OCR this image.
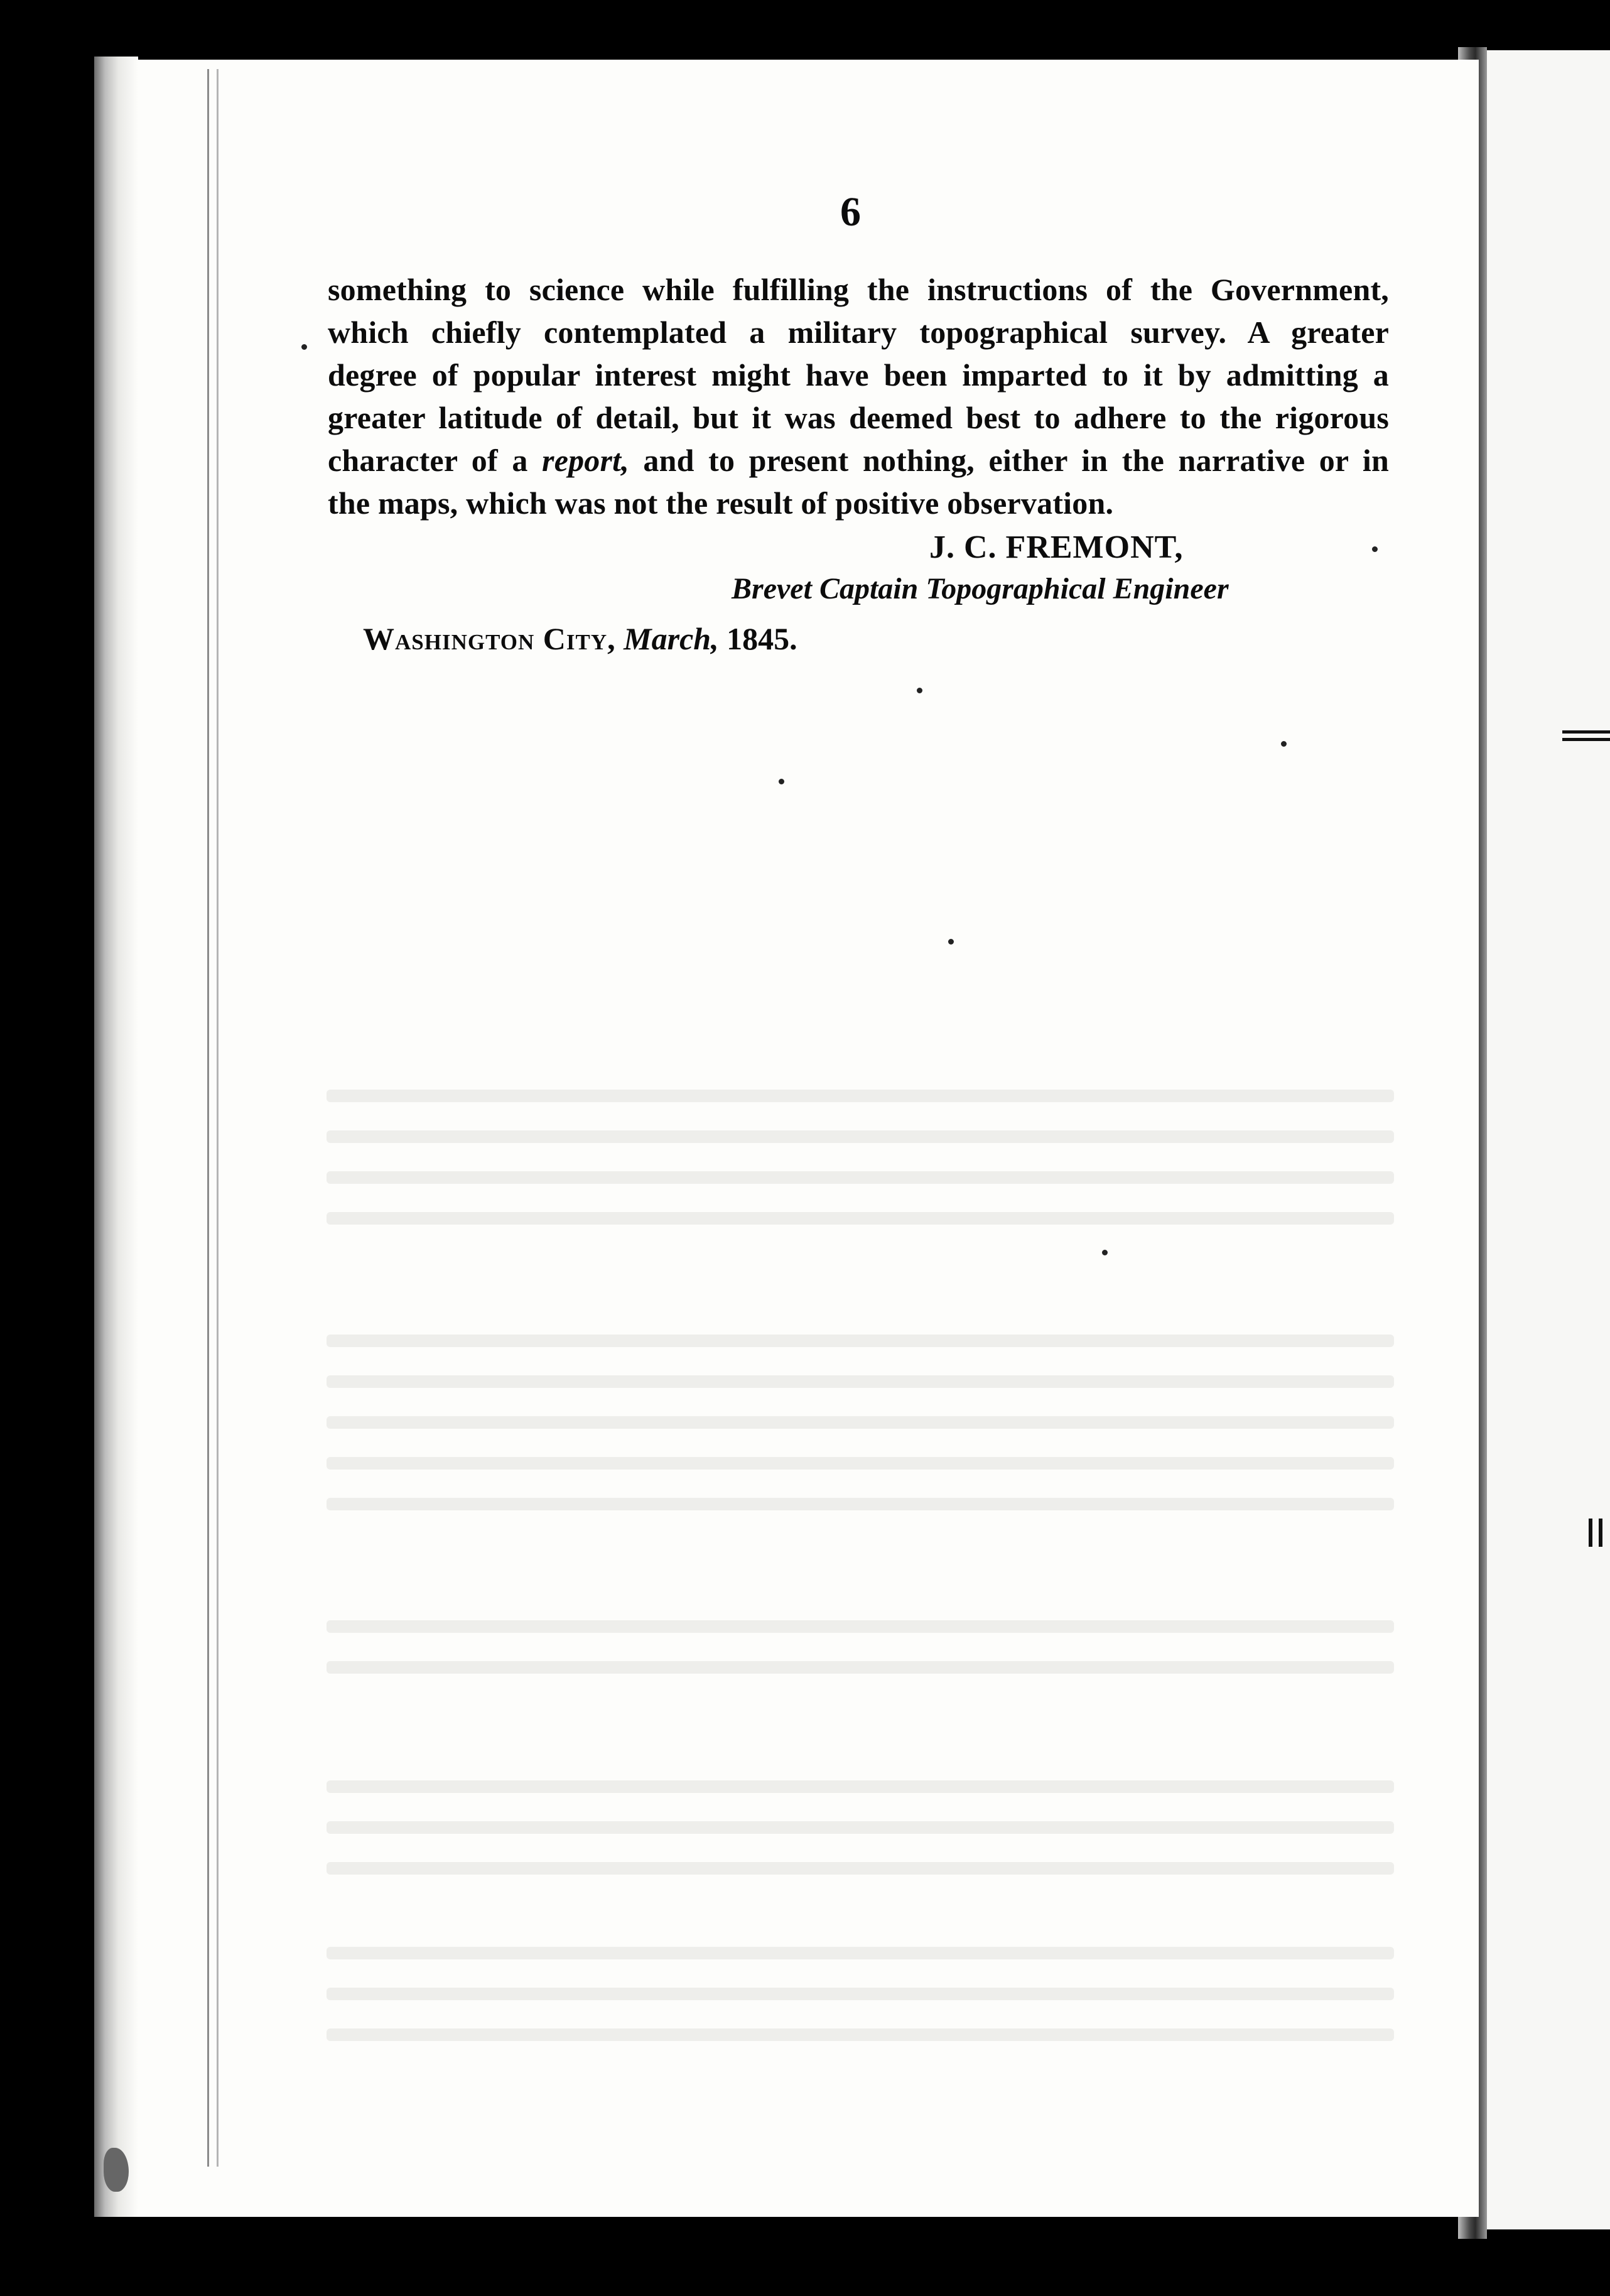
6
something to science while fulfilling the instructions of the Government,
which chiefly contemplated a military topographical survey. A greater
degree of popular interest might have been imparted to it by admitting a
greater latitude of detail, but it was deemed best to adhere to the rigorous
character of a report, and to present nothing, either in the narrative or in
the maps, which was not the result of positive observation.
J. C. FREMONT,
Brevet Captain Topographical Engineer
Washington City, March, 1845.
